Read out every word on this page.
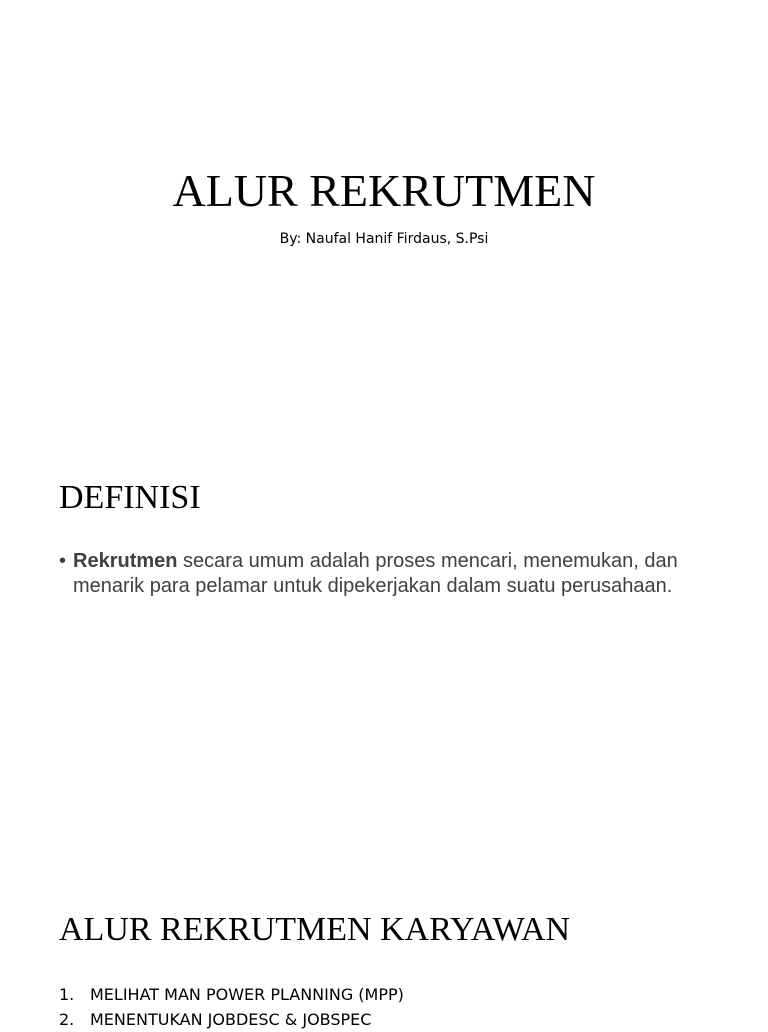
ALUR REKRUTMEN

By: Naufal Hanif Firdaus, S.Psi

DEFINISI
• Rekrutmen secara umum adalah proses mencari, menemukan, dan menarik para pelamar untuk dipekerjakan dalam suatu perusahaan.
ALUR REKRUTMEN KARYAWAN
1. MELIHAT MAN POWER PLANNING (MPP)
2. MENENTUKAN JOBDESC & JOBSPEC
